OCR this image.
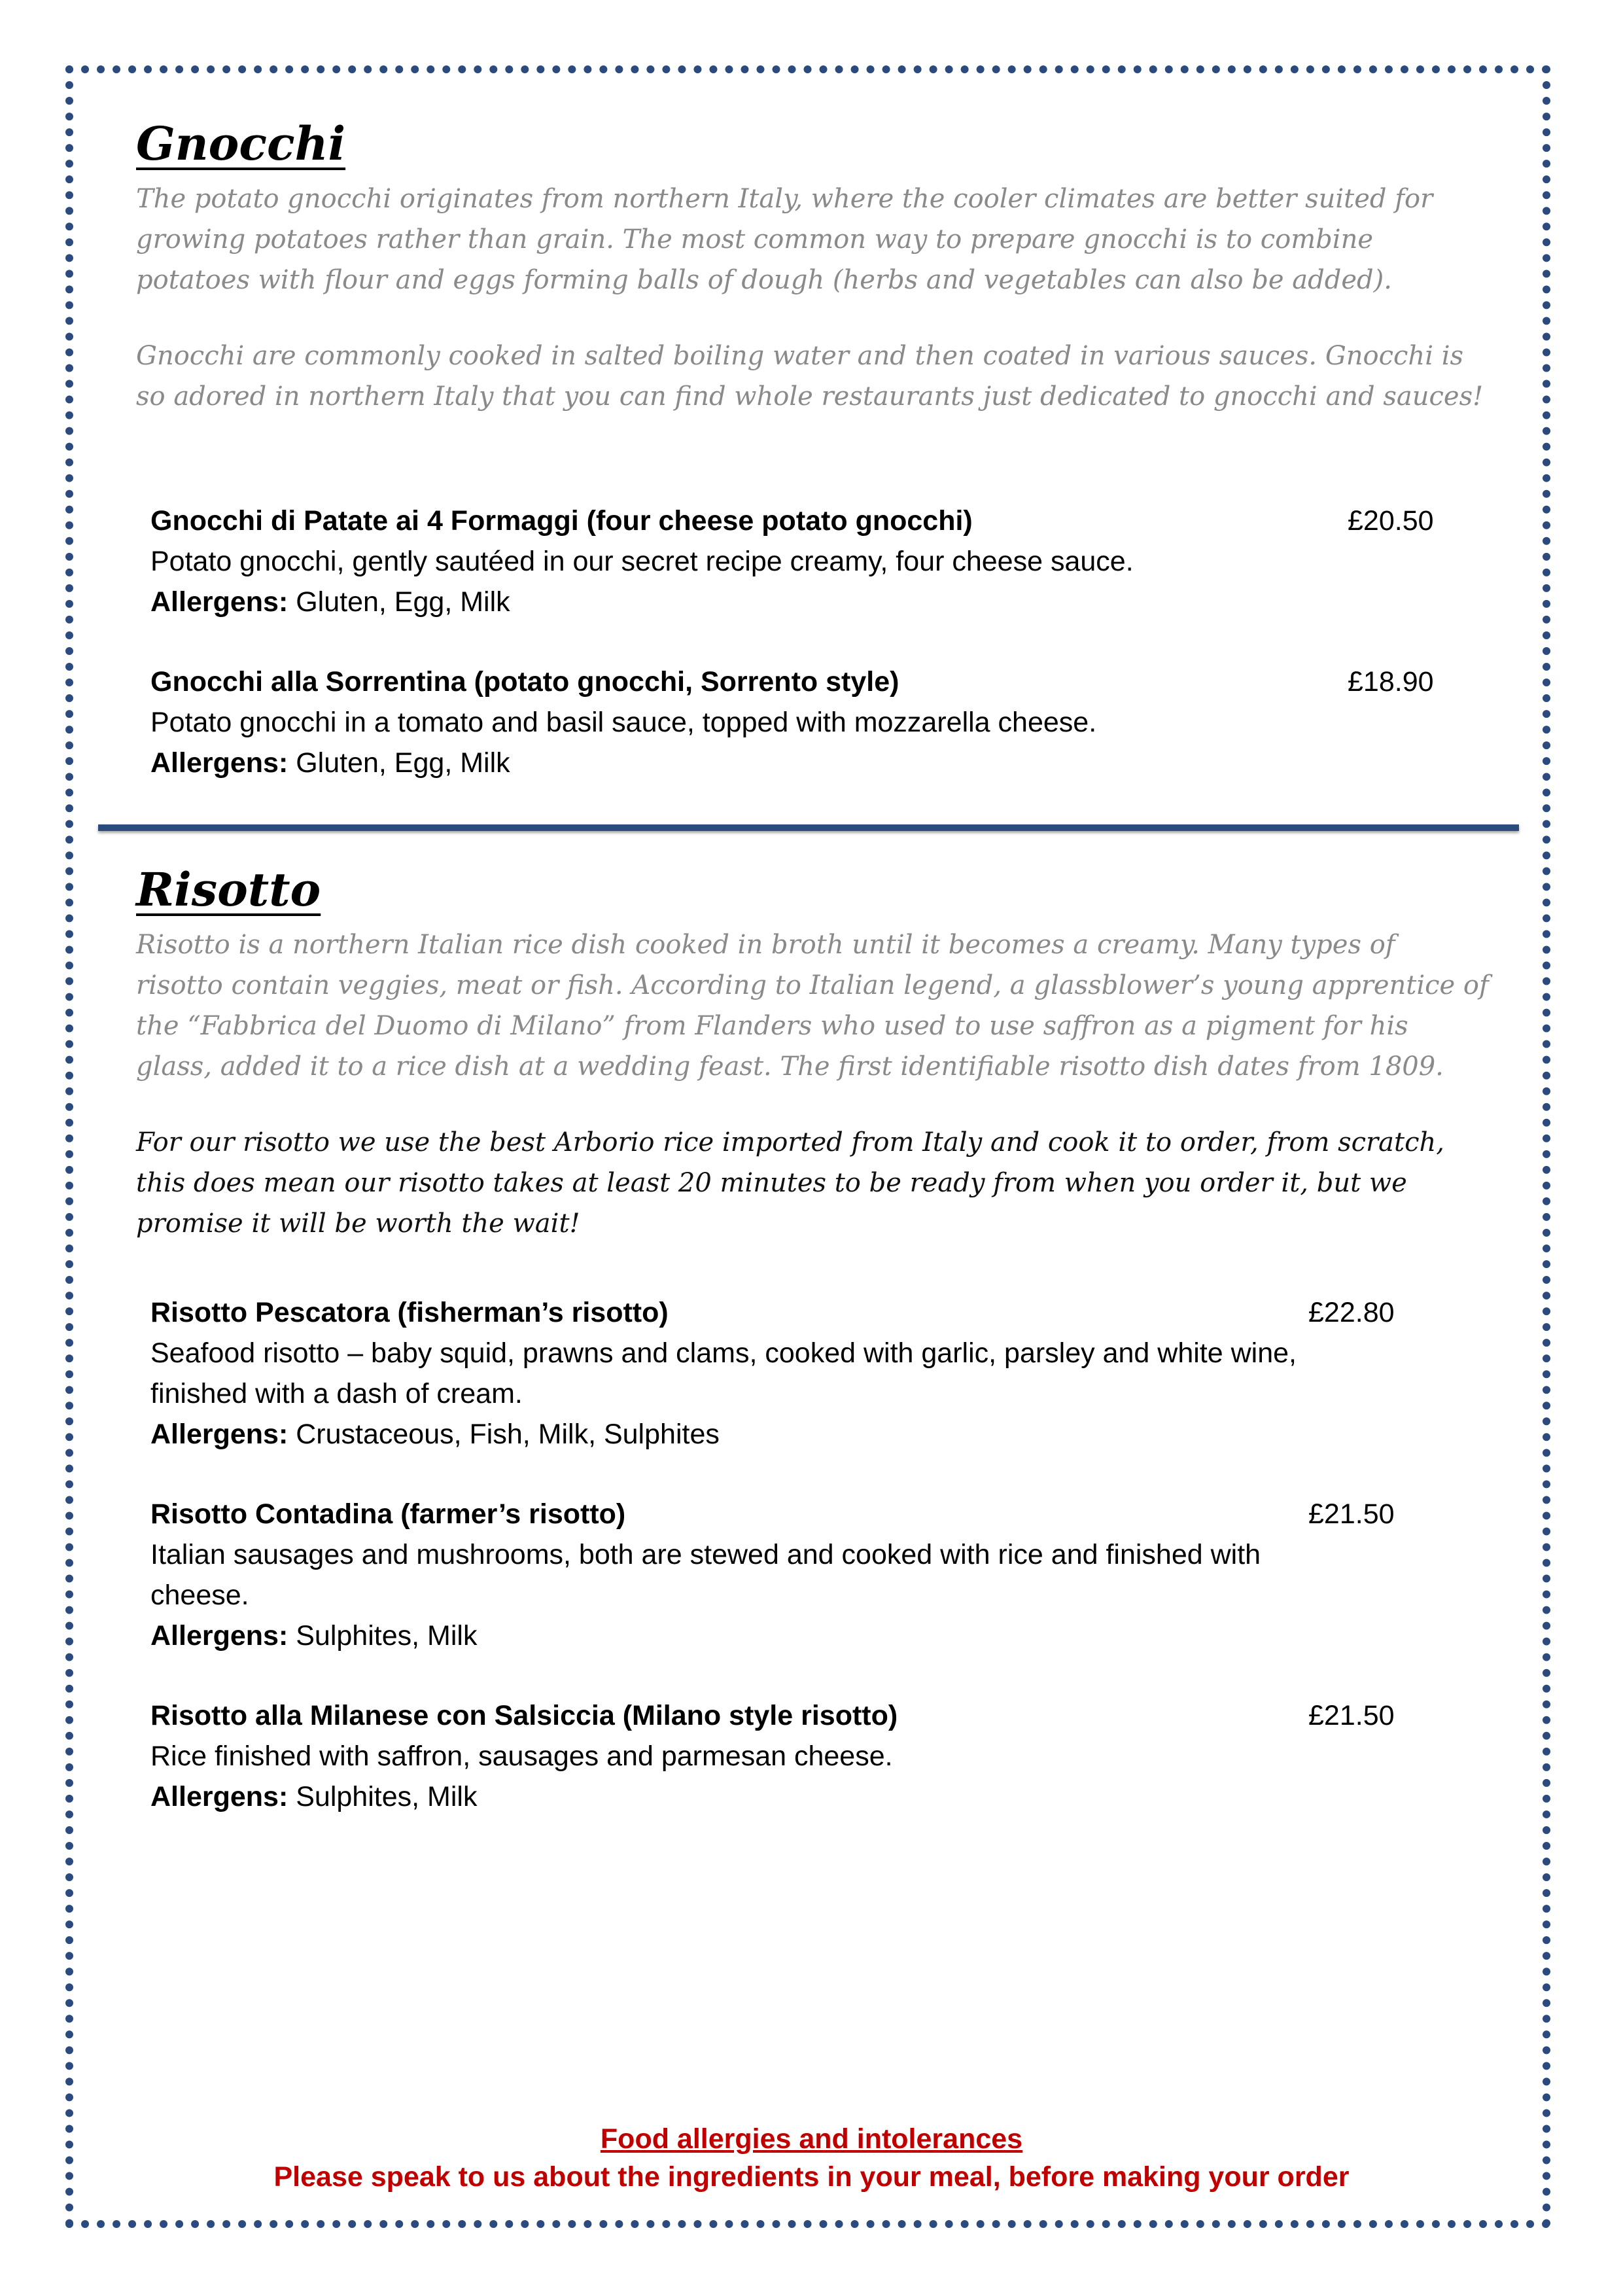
Gnocchi

The potato gnocchi originates from northern Italy, where the cooler climates are better suited for growing potatoes rather than grain. The most common way to prepare gnocchi is to combine potatoes with flour and eggs forming balls of dough (herbs and vegetables can also be added).

Gnocchi are commonly cooked in salted boiling water and then coated in various sauces. Gnocchi is so adored in northern Italy that you can find whole restaurants just dedicated to gnocchi and sauces!

Gnocchi di Patate ai 4 Formaggi (four cheese potato gnocchi)
Potato gnocchi, gently sautéed in our secret recipe creamy, four cheese sauce.
Allergens: Gluten, Egg, Milk
£20.50
Gnocchi alla Sorrentina (potato gnocchi, Sorrento style)
Potato gnocchi in a tomato and basil sauce, topped with mozzarella cheese.
Allergens: Gluten, Egg, Milk
£18.90
Risotto

Risotto is a northern Italian rice dish cooked in broth until it becomes a creamy. Many types of risotto contain veggies, meat or fish. According to Italian legend, a glassblower’s young apprentice of the “Fabbrica del Duomo di Milano” from Flanders who used to use saffron as a pigment for his glass, added it to a rice dish at a wedding feast. The first identifiable risotto dish dates from 1809.

For our risotto we use the best Arborio rice imported from Italy and cook it to order, from scratch, this does mean our risotto takes at least 20 minutes to be ready from when you order it, but we promise it will be worth the wait!

Risotto Pescatora (fisherman’s risotto)
Seafood risotto – baby squid, prawns and clams, cooked with garlic, parsley and white wine, finished with a dash of cream.
Allergens: Crustaceous, Fish, Milk, Sulphites
£22.80
Risotto Contadina (farmer’s risotto)
Italian sausages and mushrooms, both are stewed and cooked with rice and finished with cheese.
Allergens: Sulphites, Milk
£21.50
Risotto alla Milanese con Salsiccia (Milano style risotto)
Rice finished with saffron, sausages and parmesan cheese.
Allergens: Sulphites, Milk
£21.50
Food allergies and intolerances
Please speak to us about the ingredients in your meal, before making your order
